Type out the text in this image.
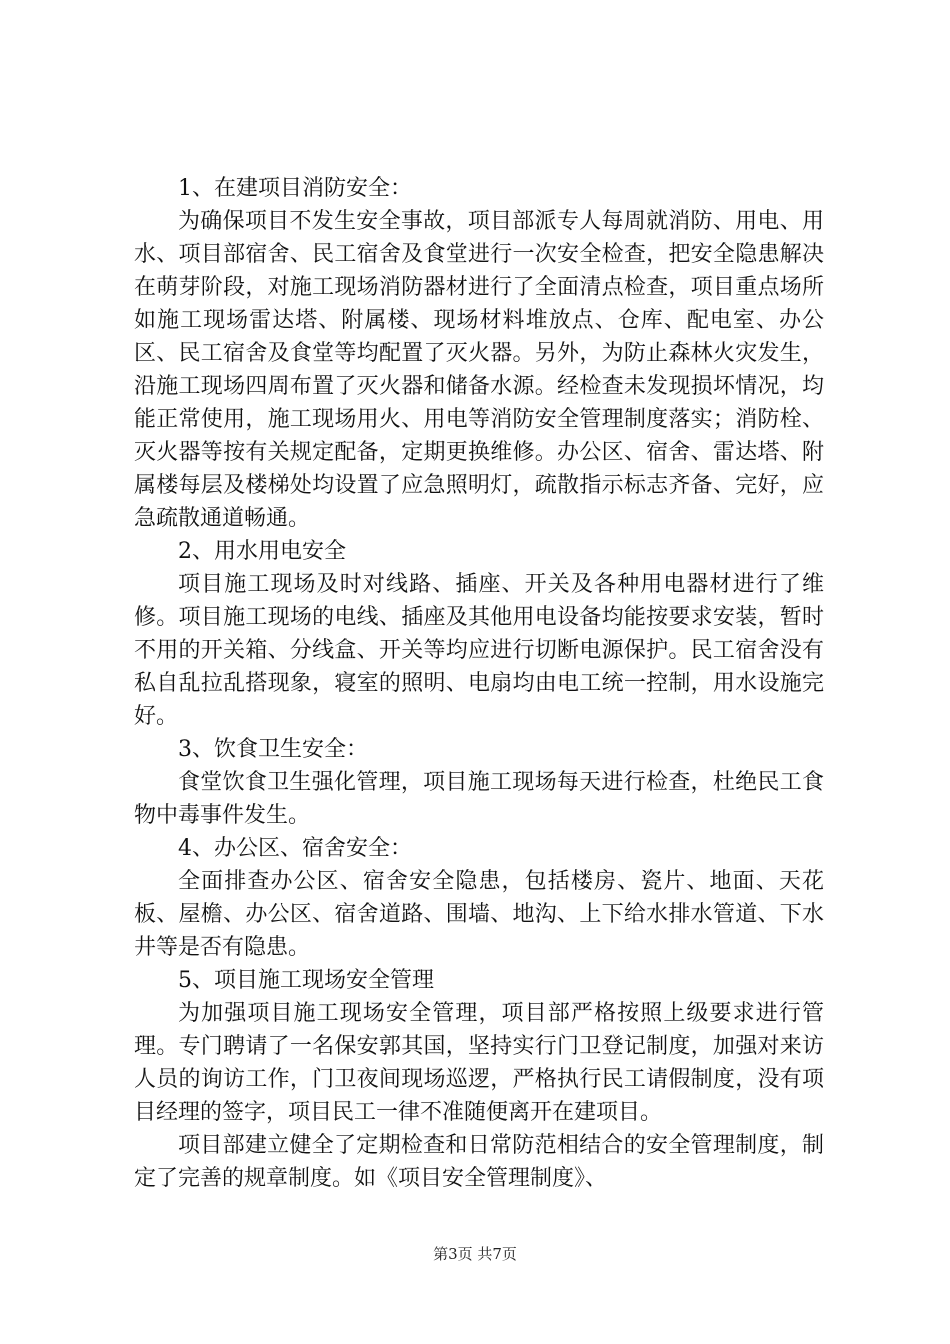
1、在建项目消防安全：

为确保项目不发生安全事故，项目部派专人每周就消防、用电、用水、项目部宿舍、民工宿舍及食堂进行一次安全检查，把安全隐患解决在萌芽阶段，对施工现场消防器材进行了全面清点检查，项目重点场所如施工现场雷达塔、附属楼、现场材料堆放点、仓库、配电室、办公区、民工宿舍及食堂等均配置了灭火器。另外，为防止森林火灾发生，沿施工现场四周布置了灭火器和储备水源。经检查未发现损坏情况，均能正常使用，施工现场用火、用电等消防安全管理制度落实；消防栓、灭火器等按有关规定配备，定期更换维修。办公区、宿舍、雷达塔、附属楼每层及楼梯处均设置了应急照明灯，疏散指示标志齐备、完好，应急疏散通道畅通。

2、用水用电安全

项目施工现场及时对线路、插座、开关及各种用电器材进行了维修。项目施工现场的电线、插座及其他用电设备均能按要求安装，暂时不用的开关箱、分线盒、开关等均应进行切断电源保护。民工宿舍没有私自乱拉乱搭现象，寝室的照明、电扇均由电工统一控制，用水设施完好。

3、饮食卫生安全：

食堂饮食卫生强化管理，项目施工现场每天进行检查，杜绝民工食物中毒事件发生。

4、办公区、宿舍安全：

全面排查办公区、宿舍安全隐患，包括楼房、瓷片、地面、天花板、屋檐、办公区、宿舍道路、围墙、地沟、上下给水排水管道、下水井等是否有隐患。

5、项目施工现场安全管理

为加强项目施工现场安全管理，项目部严格按照上级要求进行管理。专门聘请了一名保安郭其国，坚持实行门卫登记制度，加强对来访人员的询访工作，门卫夜间现场巡逻，严格执行民工请假制度，没有项目经理的签字，项目民工一律不准随便离开在建项目。

项目部建立健全了定期检查和日常防范相结合的安全管理制度，制定了完善的规章制度。如《项目安全管理制度》、

第3页 共7页
